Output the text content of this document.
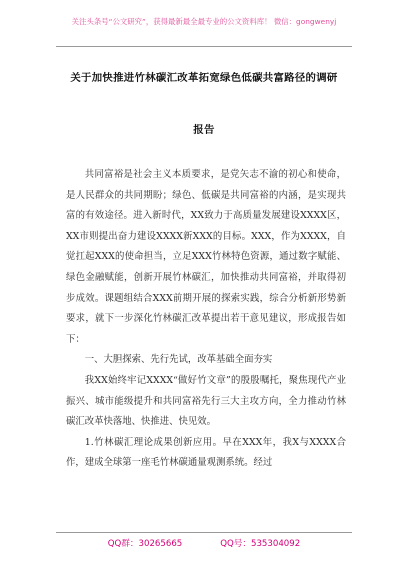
关注头条号“公文研究”，获得最新最全最专业的公文资料库！ 微信：gongwenyj
关于加快推进竹林碳汇改革拓宽绿色低碳共富路径的调研
报告

共同富裕是社会主义本质要求，是党矢志不渝的初心和使命，是人民群众的共同期盼；绿色、低碳是共同富裕的内涵，是实现共富的有效途径。进入新时代，XX致力于高质量发展建设XXXX区，XX市则提出奋力建设XXXX新XXX的目标。XXX，作为XXXX，自觉扛起XXX的使命担当，立足XXX竹林特色资源，通过数字赋能、绿色金融赋能，创新开展竹林碳汇，加快推动共同富裕，并取得初步成效。课题组结合XXX前期开展的探索实践，综合分析新形势新要求，就下一步深化竹林碳汇改革提出若干意见建议，形成报告如下：

一、大胆探索、先行先试，改革基础全面夯实

我XX始终牢记XXXX“做好竹文章”的殷殷嘱托，聚焦现代产业振兴、城市能级提升和共同富裕先行三大主攻方向，全力推动竹林碳汇改革快落地、快推进、快见效。

1.竹林碳汇理论成果创新应用。早在XXX年，我X与XXXX合作，建成全球第一座毛竹林碳通量观测系统。经过

QQ群：30265665	QQ号：535304092
